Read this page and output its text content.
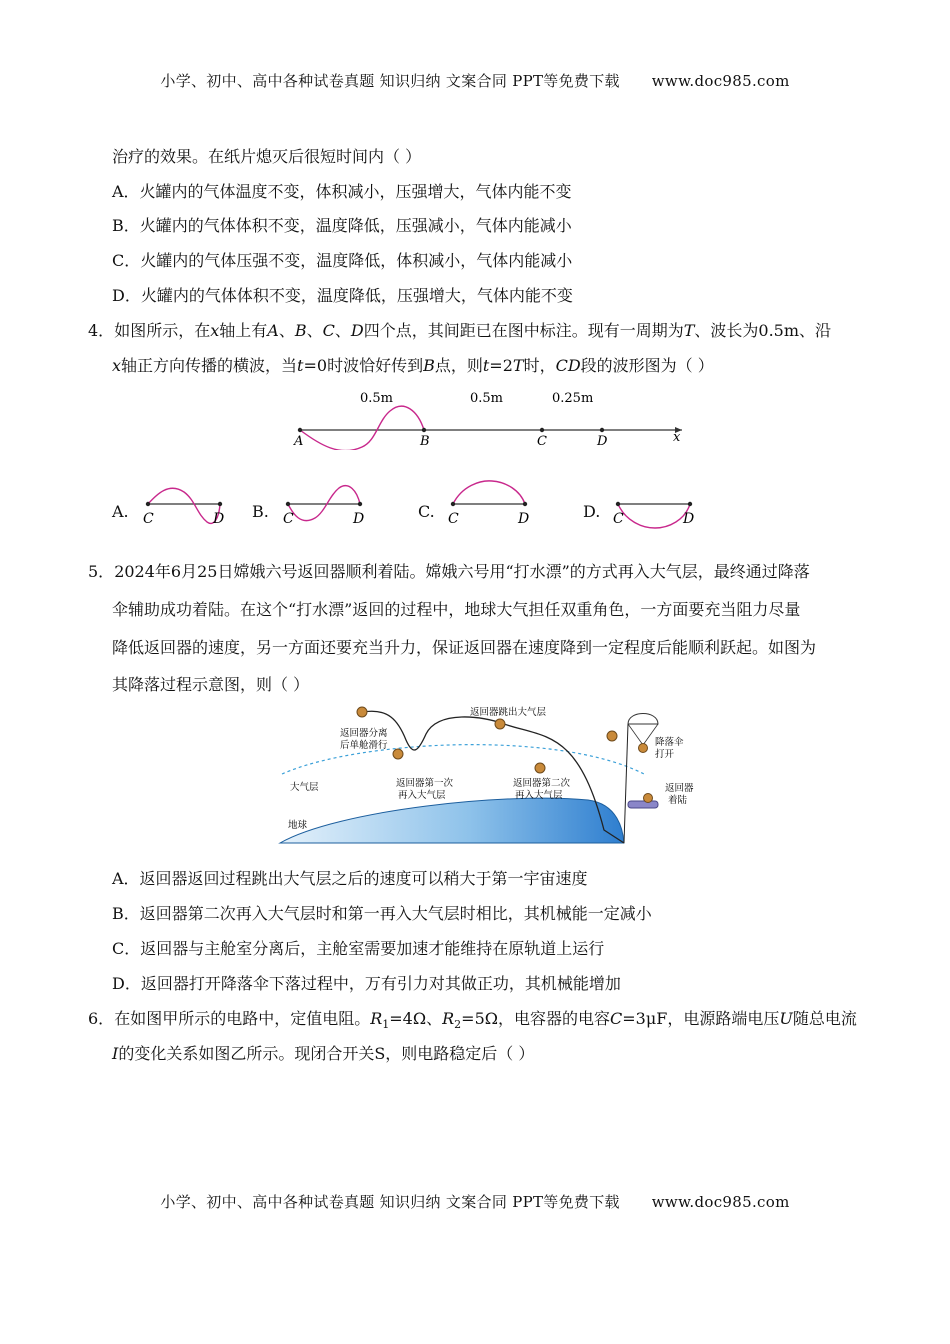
小学、初中、高中各种试卷真题 知识归纳 文案合同 PPT等免费下载 www.doc985.com
治疗的效果。在纸片熄灭后很短时间内（ ）
A．火罐内的气体温度不变，体积减小，压强增大，气体内能不变
B．火罐内的气体体积不变，温度降低，压强减小，气体内能减小
C．火罐内的气体压强不变，温度降低，体积减小，气体内能减小
D．火罐内的气体体积不变，温度降低，压强增大，气体内能不变
4．如图所示，在x轴上有A、B、C、D四个点，其间距已在图中标注。现有一周期为T、波长为0.5m、沿
x轴正方向传播的横波，当t=0时波恰好传到B点，则t=2T时，CD段的波形图为（ ）
0.5m	0.5m	0.25m
A	B	C	D	x
A. C	D B. C	D	C. C	D	D. C	D
5．2024年6月25日嫦娥六号返回器顺利着陆。嫦娥六号用“打水漂”的方式再入大气层，最终通过降落
伞辅助成功着陆。在这个“打水漂”返回的过程中，地球大气担任双重角色，一方面要充当阻力尽量
降低返回器的速度，另一方面还要充当升力，保证返回器在速度降到一定程度后能顺利跃起。如图为
其降落过程示意图，则（ ）
返回器分离
后单舱滑行
返回器跳出大气层
返回器第一次
再入大气层
返回器第二次
再入大气层
降落伞
打开
返回器
着陆
大气层
地球
A．返回器返回过程跳出大气层之后的速度可以稍大于第一宇宙速度
B．返回器第二次再入大气层时和第一再入大气层时相比，其机械能一定减小
C．返回器与主舱室分离后，主舱室需要加速才能维持在原轨道上运行
D．返回器打开降落伞下落过程中，万有引力对其做正功，其机械能增加
6．在如图甲所示的电路中，定值电阻。$R_1=4\Omega$、$R_2=5\Omega$，电容器的电容C=3μF，电源路端电压U随总电流
I的变化关系如图乙所示。现闭合开关S，则电路稳定后（ ）
小学、初中、高中各种试卷真题 知识归纳 文案合同 PPT等免费下载 www.doc985.com
